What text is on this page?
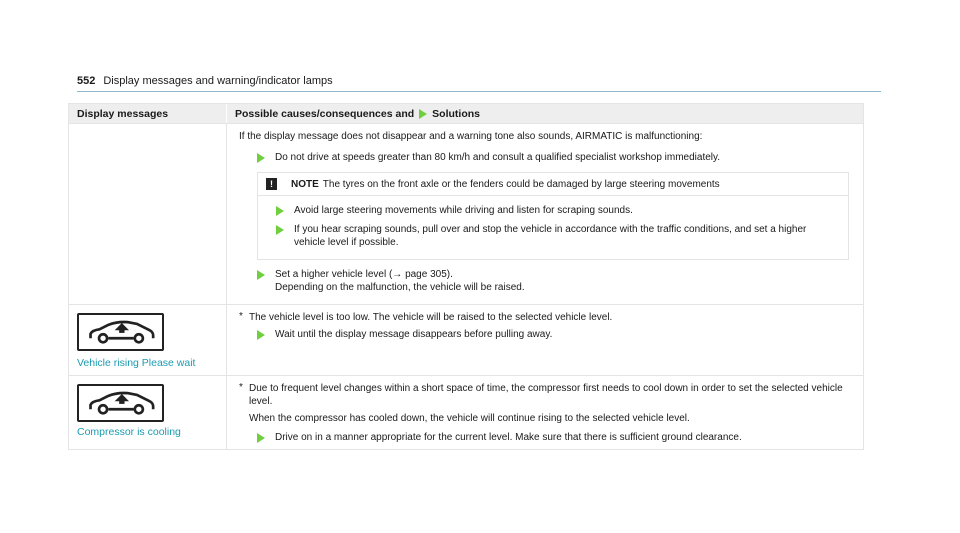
552 Display messages and warning/indicator lamps
Display messages	Possible causes/consequences and Solutions

If the display message does not disappear and a warning tone also sounds, AIRMATIC is malfunctioning:

Do not drive at speeds greater than 80 km/h and consult a qualified specialist workshop immediately.

!	NOTE The tyres on the front axle or the fenders could be damaged by large steering movements

Avoid large steering movements while driving and listen for scraping sounds.

If you hear scraping sounds, pull over and stop the vehicle in accordance with the traffic conditions, and set a higher vehicle level if possible.

Set a higher vehicle level (→ page 305).

Depending on the malfunction, the vehicle will be raised.

Vehicle rising Please wait
* The vehicle level is too low. The vehicle will be raised to the selected vehicle level.

Wait until the display message disappears before pulling away.

Compressor is cooling
* Due to frequent level changes within a short space of time, the compressor first needs to cool down in order to set the selected vehicle level.

When the compressor has cooled down, the vehicle will continue rising to the selected vehicle level.

Drive on in a manner appropriate for the current level. Make sure that there is sufficient ground clearance.
